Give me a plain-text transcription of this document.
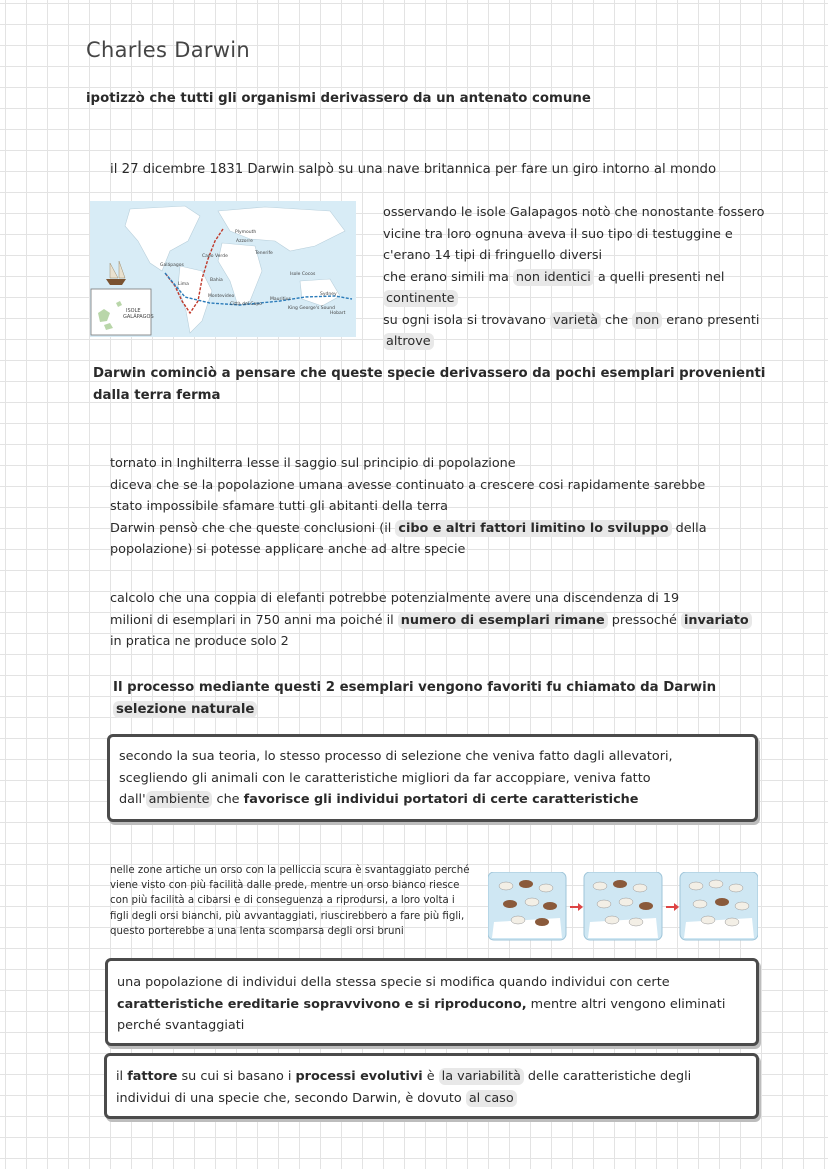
Charles Darwin
ipotizzò che tutti gli organismi derivassero da un antenato comune
il 27 dicembre 1831 Darwin salpò su una nave britannica per fare un giro intorno al mondo
Plymouth
Azzorre
Capo Verde
Tenerife
Bahia
Galápagos
Lima
Montevideo
Città del Capo
Mauritius
King George's Sound
Sydney
Hobart
Isole Cocos
ISOLE
GALÁPAGOS
osservando le isole Galapagos notò che nonostante fossero
vicine tra loro ognuna aveva il suo tipo di testuggine e
c'erano 14 tipi di fringuello diversi
che erano simili ma non identici a quelli presenti nel
continente
su ogni isola si trovavano varietà che non erano presenti
altrove
Darwin cominciò a pensare che queste specie derivassero da pochi esemplari provenienti
dalla terra ferma
tornato in Inghilterra lesse il saggio sul principio di popolazione
diceva che se la popolazione umana avesse continuato a crescere cosi rapidamente sarebbe
stato impossibile sfamare tutti gli abitanti della terra
Darwin pensò che che queste conclusioni (il cibo e altri fattori limitino lo sviluppo della
popolazione) si potesse applicare anche ad altre specie
calcolo che una coppia di elefanti potrebbe potenzialmente avere una discendenza di 19
milioni di esemplari in 750 anni ma poiché il numero di esemplari rimane pressoché invariato
in pratica ne produce solo 2
Il processo mediante questi 2 esemplari vengono favoriti fu chiamato da Darwin
selezione naturale
secondo la sua teoria, lo stesso processo di selezione che veniva fatto dagli allevatori,
scegliendo gli animali con le caratteristiche migliori da far accoppiare, veniva fatto
dall' ambiente che favorisce gli individui portatori di certe caratteristiche
nelle zone artiche un orso con la pelliccia scura è svantaggiato perché
viene visto con più facilità dalle prede, mentre un orso bianco riesce
con più facilità a cibarsi e di conseguenza a riprodursi, a loro volta i
figli degli orsi bianchi, più avvantaggiati, riuscirebbero a fare più figli,
questo porterebbe a una lenta scomparsa degli orsi bruni
una popolazione di individui della stessa specie si modifica quando individui con certe
caratteristiche ereditarie sopravvivono e si riproducono, mentre altri vengono eliminati
perché svantaggiati
il fattore su cui si basano i processi evolutivi è la variabilità delle caratteristiche degli
individui di una specie che, secondo Darwin, è dovuto al caso
